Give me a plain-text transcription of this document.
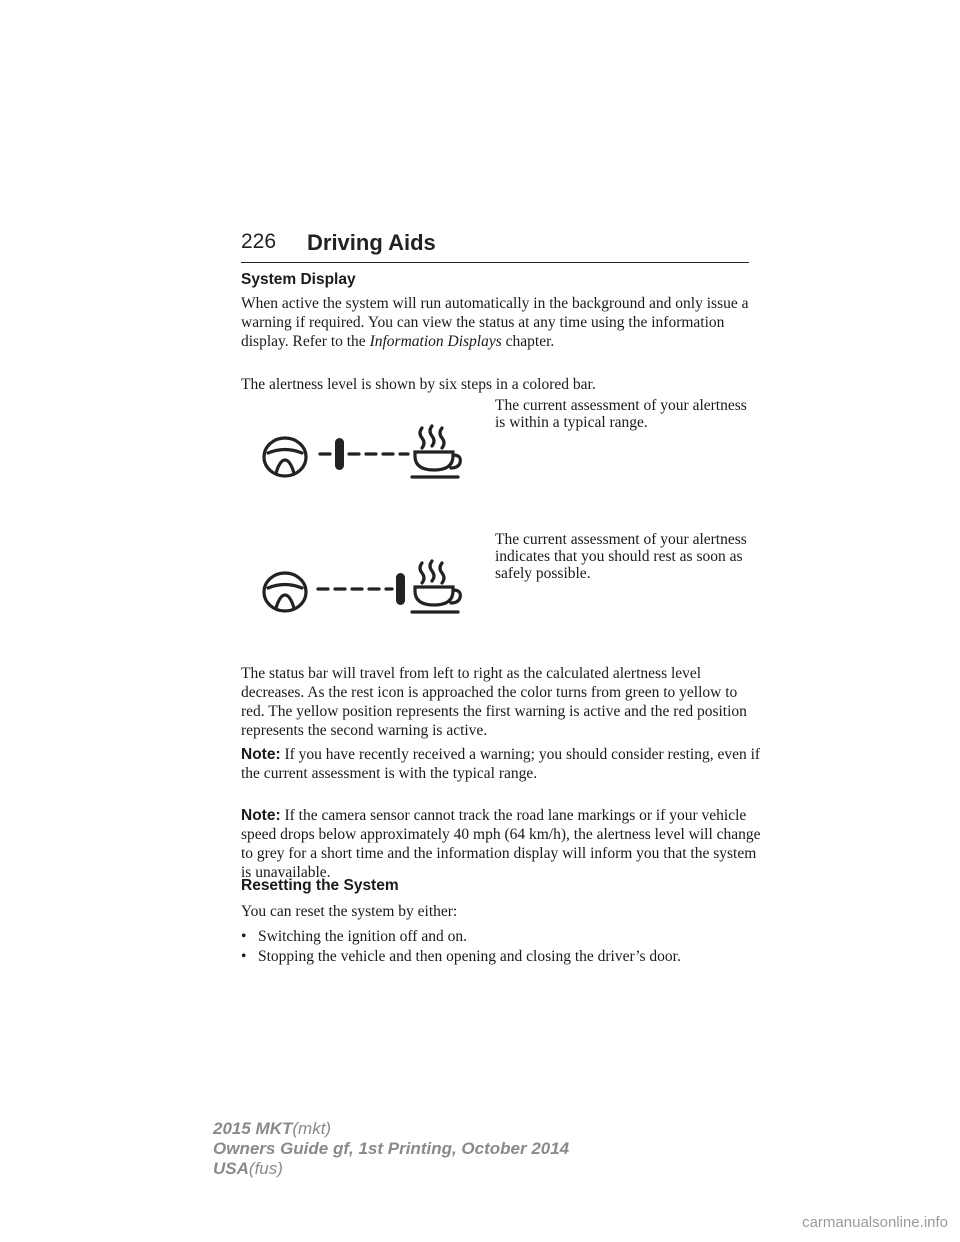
226 Driving Aids
System Display
When active the system will run automatically in the background and only issue a warning if required. You can view the status at any time using the information display. Refer to the Information Displays chapter.
The alertness level is shown by six steps in a colored bar.
The current assessment of your alertness is within a typical range.
The current assessment of your alertness indicates that you should rest as soon as safely possible.
The status bar will travel from left to right as the calculated alertness level decreases. As the rest icon is approached the color turns from green to yellow to red. The yellow position represents the first warning is active and the red position represents the second warning is active.
Note: If you have recently received a warning; you should consider resting, even if the current assessment is with the typical range.
Note: If the camera sensor cannot track the road lane markings or if your vehicle speed drops below approximately 40 mph (64 km/h), the alertness level will change to grey for a short time and the information display will inform you that the system is unavailable.
Resetting the System
You can reset the system by either:
• Switching the ignition off and on.
• Stopping the vehicle and then opening and closing the driver’s door.
2015 MKT(mkt)
Owners Guide gf, 1st Printing, October 2014
USA(fus)
carmanualsonline.info
